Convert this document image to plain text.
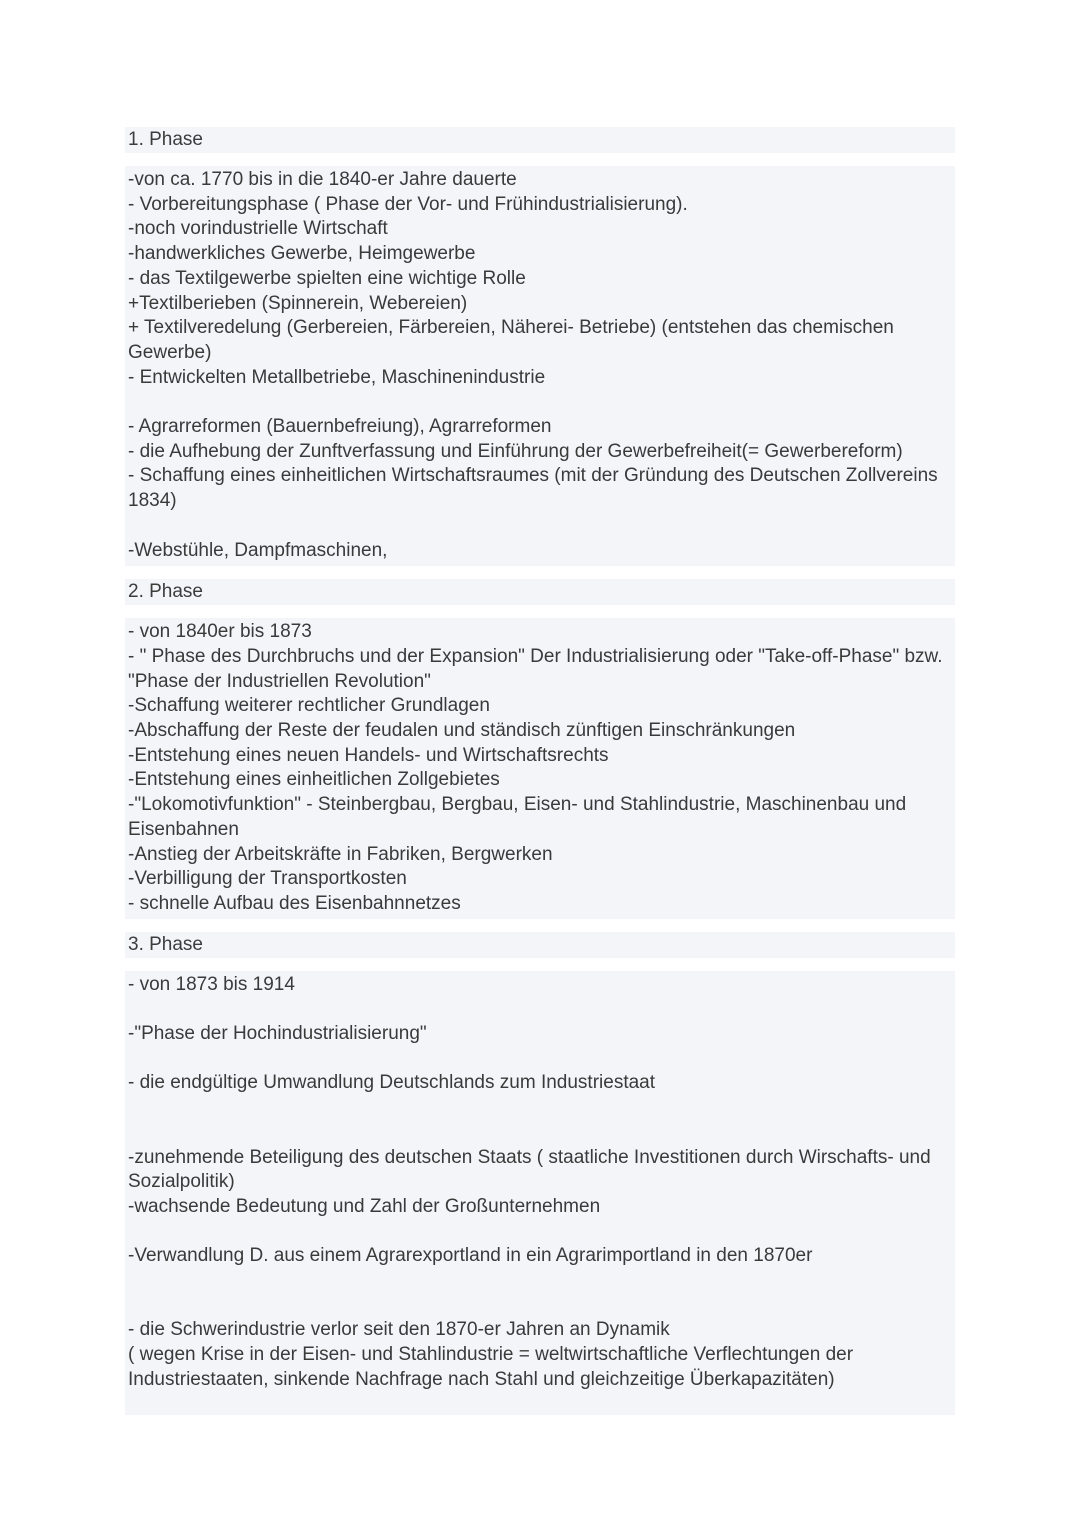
1. Phase
-von ca. 1770 bis in die 1840-er Jahre dauerte
- Vorbereitungsphase ( Phase der Vor- und Frühindustrialisierung).
-noch vorindustrielle Wirtschaft
-handwerkliches Gewerbe, Heimgewerbe
- das Textilgewerbe spielten eine wichtige Rolle
+Textilberieben (Spinnerein, Webereien)
+ Textilveredelung (Gerbereien, Färbereien, Näherei- Betriebe) (entstehen das chemischen Gewerbe)
- Entwickelten Metallbetriebe, Maschinenindustrie
- Agrarreformen (Bauernbefreiung), Agrarreformen
- die Aufhebung der Zunftverfassung und Einführung der Gewerbefreiheit(= Gewerbereform)
- Schaffung eines einheitlichen Wirtschaftsraumes (mit der Gründung des Deutschen Zollvereins 1834)
-Webstühle, Dampfmaschinen,
2. Phase
- von 1840er bis 1873
- " Phase des Durchbruchs und der Expansion" Der Industrialisierung oder "Take-off-Phase" bzw. "Phase der Industriellen Revolution"
-Schaffung weiterer rechtlicher Grundlagen
-Abschaffung der Reste der feudalen und ständisch zünftigen Einschränkungen
-Entstehung eines neuen Handels- und Wirtschaftsrechts
-Entstehung eines einheitlichen Zollgebietes
-"Lokomotivfunktion" - Steinbergbau, Bergbau, Eisen- und Stahlindustrie, Maschinenbau und Eisenbahnen
-Anstieg der Arbeitskräfte in Fabriken, Bergwerken
-Verbilligung der Transportkosten
- schnelle Aufbau des Eisenbahnnetzes
3. Phase
- von 1873 bis 1914
-"Phase der Hochindustrialisierung"
- die endgültige Umwandlung Deutschlands zum Industriestaat
-zunehmende Beteiligung des deutschen Staats ( staatliche Investitionen durch Wirschafts- und Sozialpolitik)
-wachsende Bedeutung und Zahl der Großunternehmen
-Verwandlung D. aus einem Agrarexportland in ein Agrarimportland in den 1870er
- die Schwerindustrie verlor seit den 1870-er Jahren an Dynamik
( wegen Krise in der Eisen- und Stahlindustrie = weltwirtschaftliche Verflechtungen der Industriestaaten, sinkende Nachfrage nach Stahl und gleichzeitige Überkapazitäten)
